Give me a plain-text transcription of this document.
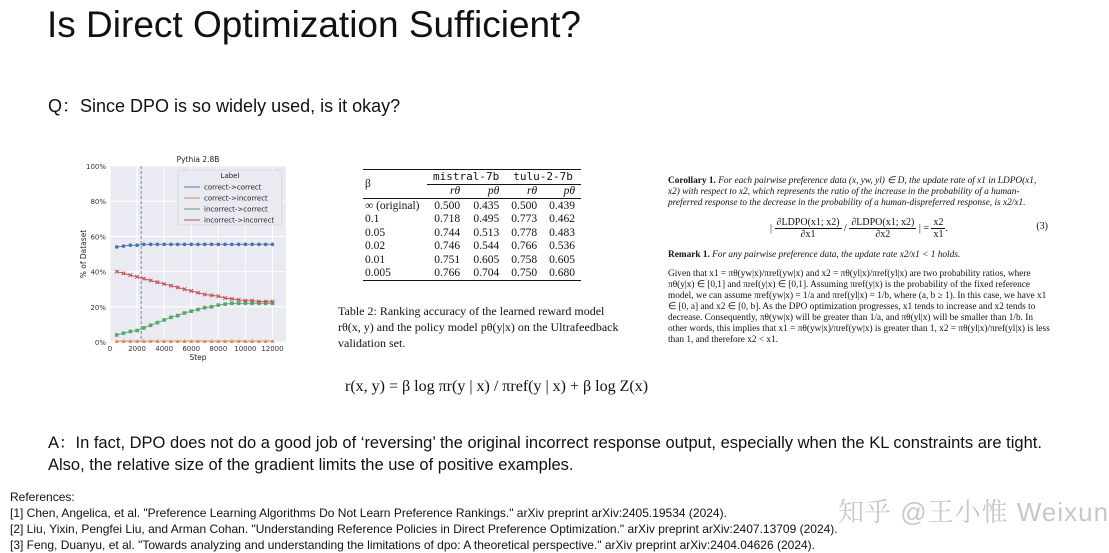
Is Direct Optimization Sufficient?
Q：Since DPO is so widely used, is it okay?
0%
20%
40%
60%
80%
100%
0 2000 4000 6000 8000 10000 12000
Pythia 2.8B
Step
% of Dataset
Label
correct->correct
correct->incorrect
incorrect->correct
incorrect->incorrect
β	mistral-7b		tulu-2-7b	
	rθ	pθ	rθ	pθ
∞ (original)	0.500	0.435	0.500	0.439
0.1	0.718	0.495	0.773	0.462
0.05	0.744	0.513	0.778	0.483
0.02	0.746	0.544	0.766	0.536
0.01	0.751	0.605	0.758	0.605
0.005	0.766	0.704	0.750	0.680
Table 2: Ranking accuracy of the learned reward model rθ(x, y) and the policy model pθ(y|x) on the Ultrafeedback validation set.
r(x, y) = β log πr(y | x) / πref(y | x) + β log Z(x)
Corollary 1. For each pairwise preference data (x, yw, yl) ∈ D, the update rate of x1 in LDPO(x1, x2) with respect to x2, which represents the ratio of the increase in the probability of a human-preferred response to the decrease in the probability of a human-dispreferred response, is x2/x1.
| $\frac{\text{∂LDPO(x1; x2)}}{\partial x1} / \frac{\text{∂LDPO(x1; x2)}}{\partial x2}$ | = $\frac{x2}{x1}$ .	(3)
Remark 1. For any pairwise preference data, the update rate x2/x1 < 1 holds.
Given that x1 = πθ(yw|x)/πref(yw|x) and x2 = πθ(yl|x)/πref(yl|x) are two probability ratios, where πθ(y|x) ∈ [0,1] and πref(y|x) ∈ [0,1]. Assuming πref(y|x) is the probability of the fixed reference model, we can assume πref(yw|x) = 1/a and πref(yl|x) = 1/b, where (a, b ≥ 1). In this case, we have x1 ∈ [0, a] and x2 ∈ [0, b]. As the DPO optimization progresses, x1 tends to increase and x2 tends to decrease. Consequently, πθ(yw|x) will be greater than 1/a, and πθ(yl|x) will be smaller than 1/b. In other words, this implies that x1 = πθ(yw|x)/πref(yw|x) is greater than 1, x2 = πθ(yl|x)/πref(yl|x) is less than 1, and therefore x2 < x1.
A：In fact, DPO does not do a good job of ‘reversing’ the original incorrect response output, especially when the KL constraints are tight. Also, the relative size of the gradient limits the use of positive examples.
References:
[1] Chen, Angelica, et al. "Preference Learning Algorithms Do Not Learn Preference Rankings." arXiv preprint arXiv:2405.19534 (2024).
[2] Liu, Yixin, Pengfei Liu, and Arman Cohan. "Understanding Reference Policies in Direct Preference Optimization." arXiv preprint arXiv:2407.13709 (2024).
[3] Feng, Duanyu, et al. "Towards analyzing and understanding the limitations of dpo: A theoretical perspective." arXiv preprint arXiv:2404.04626 (2024).
知乎 @王小惟 Weixun
